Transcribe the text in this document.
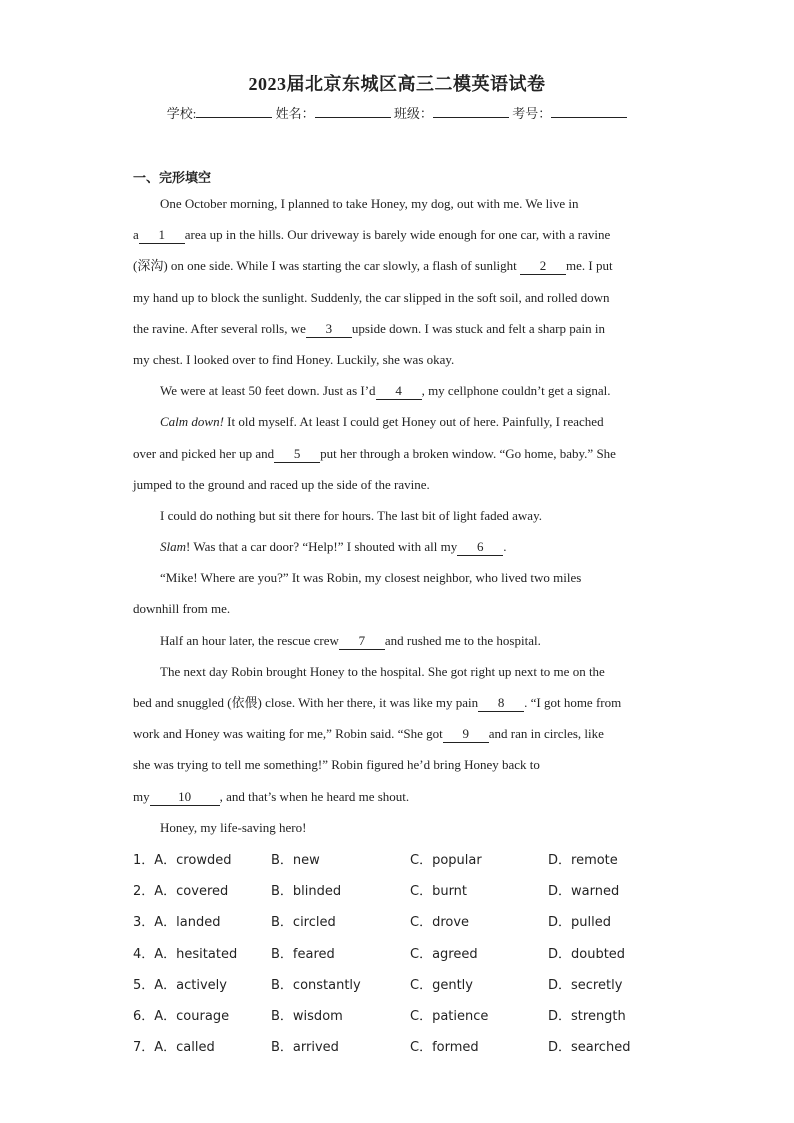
2023届北京东城区高三二模英语试卷
学校:	姓名：	班级：	考号：
一、完形填空
One October morning, I planned to take Honey, my dog, out with me. We live in
a 1 area up in the hills. Our driveway is barely wide enough for one car, with a ravine
(深沟) on one side. While I was starting the car slowly, a flash of sunlight 2 me. I put
my hand up to block the sunlight. Suddenly, the car slipped in the soft soil, and rolled down
the ravine. After several rolls, we 3 upside down. I was stuck and felt a sharp pain in
my chest. I looked over to find Honey. Luckily, she was okay.
We were at least 50 feet down. Just as I’d 4 , my cellphone couldn’t get a signal.
Calm down! It old myself. At least I could get Honey out of here. Painfully, I reached
over and picked her up and 5 put her through a broken window. “Go home, baby.” She
jumped to the ground and raced up the side of the ravine.
I could do nothing but sit there for hours. The last bit of light faded away.
Slam! Was that a car door? “Help!” I shouted with all my 6 .
“Mike! Where are you?” It was Robin, my closest neighbor, who lived two miles
downhill from me.
Half an hour later, the rescue crew 7 and rushed me to the hospital.
The next day Robin brought Honey to the hospital. She got right up next to me on the
bed and snuggled (依偎) close. With her there, it was like my pain 8 . “I got home from
work and Honey was waiting for me,” Robin said. “She got 9 and ran in circles, like
she was trying to tell me something!” Robin figured he’d bring Honey back to
my 10 , and that’s when he heard me shout.
Honey, my life-saving hero!
1．A．crowded	B．new	C．popular	D．remote
2．A．covered	B．blinded	C．burnt	D．warned
3．A．landed	B．circled	C．drove	D．pulled
4．A．hesitated	B．feared	C．agreed	D．doubted
5．A．actively	B．constantly	C．gently	D．secretly
6．A．courage	B．wisdom	C．patience	D．strength
7．A．called	B．arrived	C．formed	D．searched
